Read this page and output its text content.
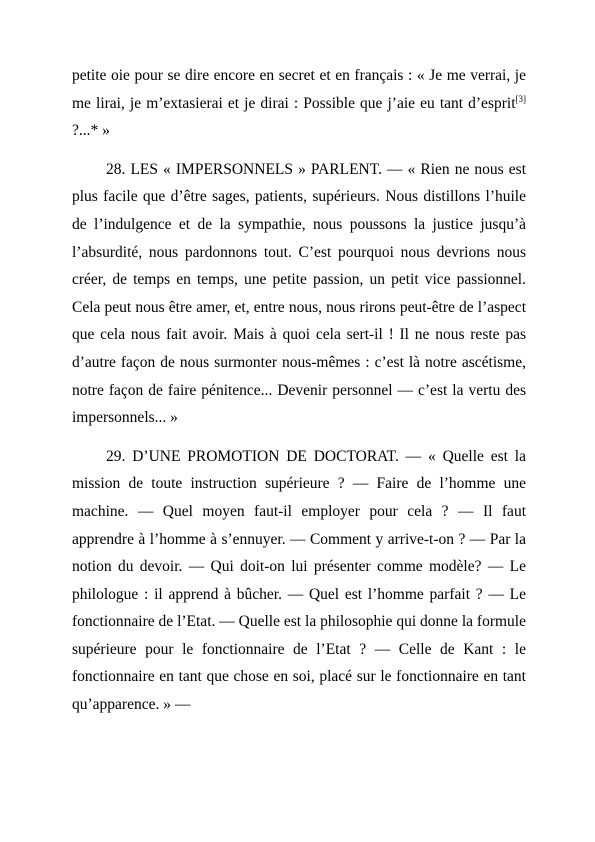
petite oie pour se dire encore en secret et en français : « Je me verrai, je me lirai, je m’extasierai et je dirai : Possible que j’aie eu tant d’esprit[3] ?...* »

28. LES « IMPERSONNELS » PARLENT. — « Rien ne nous est plus facile que d’être sages, patients, supérieurs. Nous distillons l’huile de l’indulgence et de la sympathie, nous poussons la justice jusqu’à l’absurdité, nous pardonnons tout. C’est pourquoi nous devrions nous créer, de temps en temps, une petite passion, un petit vice passionnel. Cela peut nous être amer, et, entre nous, nous rirons peut-être de l’aspect que cela nous fait avoir. Mais à quoi cela sert-il ! Il ne nous reste pas d’autre façon de nous surmonter nous-mêmes : c’est là notre ascétisme, notre façon de faire pénitence... Devenir personnel — c’est la vertu des impersonnels... »

29. D’UNE PROMOTION DE DOCTORAT. — « Quelle est la mission de toute instruction supérieure ? — Faire de l’homme une machine. — Quel moyen faut-il employer pour cela ? — Il faut apprendre à l’homme à s’ennuyer. — Comment y arrive-t-on ? — Par la notion du devoir. — Qui doit-on lui présenter comme modèle? — Le philologue : il apprend à bûcher. — Quel est l’homme parfait ? — Le fonctionnaire de l’Etat. — Quelle est la philosophie qui donne la formule supérieure pour le fonctionnaire de l’Etat ? — Celle de Kant : le fonctionnaire en tant que chose en soi, placé sur le fonctionnaire en tant qu’apparence. » —
